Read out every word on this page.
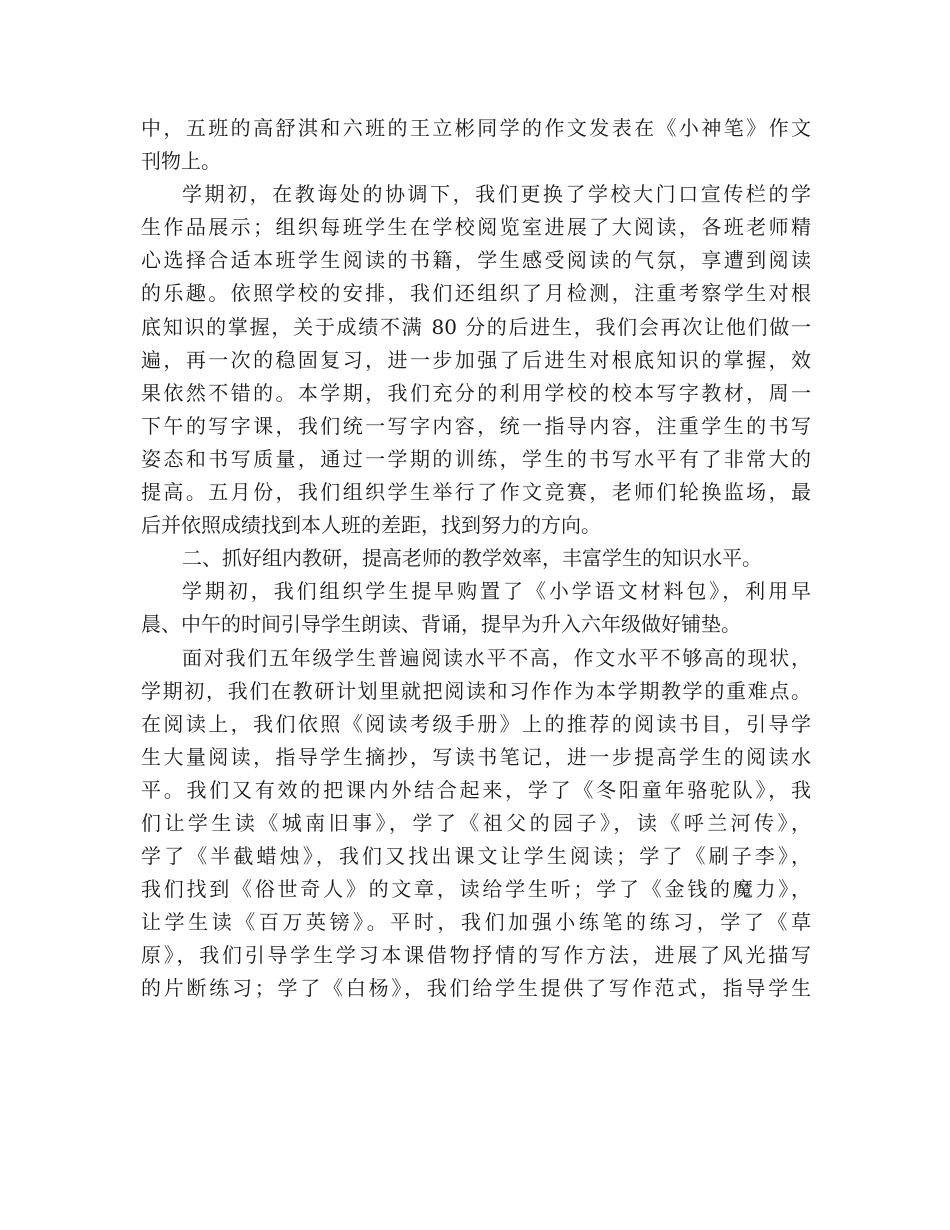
中，五班的高舒淇和六班的王立彬同学的作文发表在《小神笔》作文
刊物上。
学期初，在教诲处的协调下，我们更换了学校大门口宣传栏的学
生作品展示；组织每班学生在学校阅览室进展了大阅读，各班老师精
心选择合适本班学生阅读的书籍，学生感受阅读的气氛，享遭到阅读
的乐趣。依照学校的安排，我们还组织了月检测，注重考察学生对根
底知识的掌握，关于成绩不满 80 分的后进生，我们会再次让他们做一
遍，再一次的稳固复习，进一步加强了后进生对根底知识的掌握，效
果依然不错的。本学期，我们充分的利用学校的校本写字教材，周一
下午的写字课，我们统一写字内容，统一指导内容，注重学生的书写
姿态和书写质量，通过一学期的训练，学生的书写水平有了非常大的
提高。五月份，我们组织学生举行了作文竞赛，老师们轮换监场，最
后并依照成绩找到本人班的差距，找到努力的方向。
二、抓好组内教研，提高老师的教学效率，丰富学生的知识水平。
学期初，我们组织学生提早购置了《小学语文材料包》，利用早
晨、中午的时间引导学生朗读、背诵，提早为升入六年级做好铺垫。
面对我们五年级学生普遍阅读水平不高，作文水平不够高的现状，
学期初，我们在教研计划里就把阅读和习作作为本学期教学的重难点。
在阅读上，我们依照《阅读考级手册》上的推荐的阅读书目，引导学
生大量阅读，指导学生摘抄，写读书笔记，进一步提高学生的阅读水
平。我们又有效的把课内外结合起来，学了《冬阳童年骆驼队》，我
们让学生读《城南旧事》，学了《祖父的园子》，读《呼兰河传》，
学了《半截蜡烛》，我们又找出课文让学生阅读；学了《刷子李》，
我们找到《俗世奇人》的文章，读给学生听；学了《金钱的魔力》，
让学生读《百万英镑》。平时，我们加强小练笔的练习，学了《草
原》，我们引导学生学习本课借物抒情的写作方法，进展了风光描写
的片断练习；学了《白杨》，我们给学生提供了写作范式，指导学生
